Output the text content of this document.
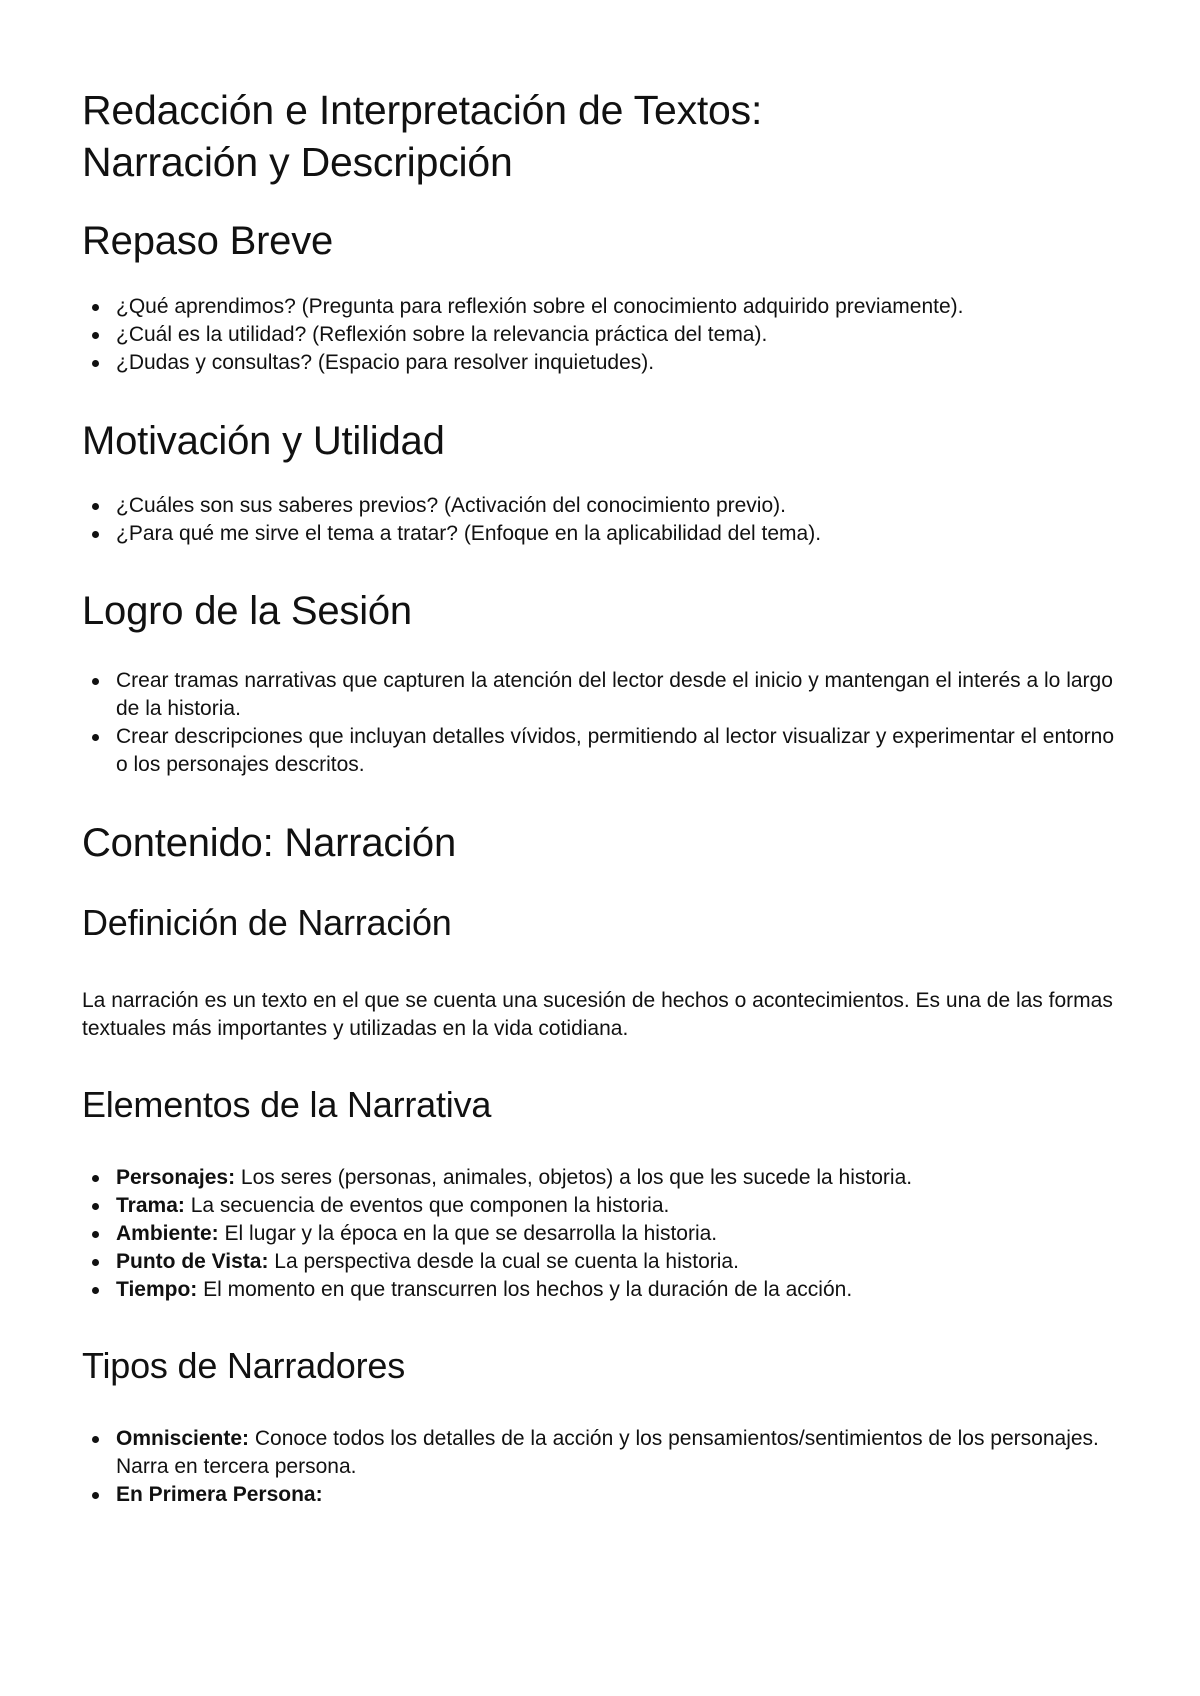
Redacción e Interpretación de Textos:
Narración y Descripción
Repaso Breve
¿Qué aprendimos? (Pregunta para reflexión sobre el conocimiento adquirido previamente).
¿Cuál es la utilidad? (Reflexión sobre la relevancia práctica del tema).
¿Dudas y consultas? (Espacio para resolver inquietudes).
Motivación y Utilidad
¿Cuáles son sus saberes previos? (Activación del conocimiento previo).
¿Para qué me sirve el tema a tratar? (Enfoque en la aplicabilidad del tema).
Logro de la Sesión
Crear tramas narrativas que capturen la atención del lector desde el inicio y mantengan el interés a lo largo de la historia.
Crear descripciones que incluyan detalles vívidos, permitiendo al lector visualizar y experimentar el entorno o los personajes descritos.
Contenido: Narración
Definición de Narración

La narración es un texto en el que se cuenta una sucesión de hechos o acontecimientos. Es una de las formas textuales más importantes y utilizadas en la vida cotidiana.

Elementos de la Narrativa
Personajes: Los seres (personas, animales, objetos) a los que les sucede la historia.
Trama: La secuencia de eventos que componen la historia.
Ambiente: El lugar y la época en la que se desarrolla la historia.
Punto de Vista: La perspectiva desde la cual se cuenta la historia.
Tiempo: El momento en que transcurren los hechos y la duración de la acción.
Tipos de Narradores
Omnisciente: Conoce todos los detalles de la acción y los pensamientos/sentimientos de los personajes. Narra en tercera persona.
En Primera Persona:
